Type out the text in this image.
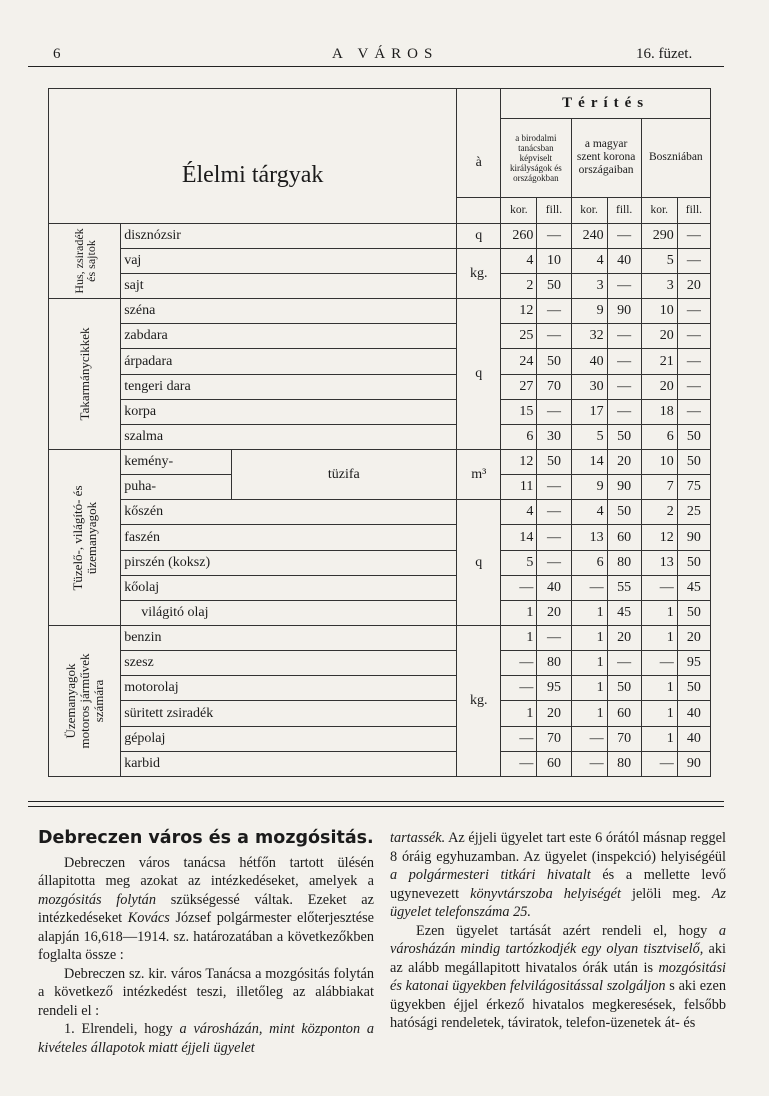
6	A VÁROS	16. füzet.
Élelmi tárgyak			à	Térítés					
				a birodalmi tanácsban képviselt királyságok és országokban		a magyar szent korona országaiban		Boszniában	
				kor.	fill.	kor.	fill.	kor.	fill.

Hus, zsiradék és sajtok	disznózsir		q	260	—	240	—	290	—
	vaj		kg.	4	10	4	40	5	—
	sajt			2	50	3	—	3	20

Takarmánycikkek	széna		q	12	—	9	90	10	—
	zabdara			25	—	32	—	20	—
	árpadara			24	50	40	—	21	—
	tengeri dara			27	70	30	—	20	—
	korpa			15	—	17	—	18	—
	szalma			6	30	5	50	6	50

Tüzelő-, világító- és üzemanyagok	kemény-	tüzifa	m³	12	50	14	20	10	50
	puha-			11	—	9	90	7	75
	kőszén		q	4	—	4	50	2	25
	faszén			14	—	13	60	12	90
	pirszén (koksz)			5	—	6	80	13	50
	kőolaj			—	40	—	55	—	45
	világitó olaj			1	20	1	45	1	50

Üzemanyagok motoros járművek számára	benzin		kg.	1	—	1	20	1	20
	szesz			—	80	1	—	—	95
	motorolaj			—	95	1	50	1	50
	süritett zsiradék			1	20	1	60	1	40
	gépolaj			—	70	—	70	1	40
	karbid			—	60	—	80	—	90

Debreczen város és a mozgósitás.

Debreczen város tanácsa hétfőn tartott ülésén állapitotta meg azokat az intézkedéseket, amelyek a mozgósitás folytán szükségessé váltak. Ezeket az intézkedéseket Kovács József polgármester előterjesztése alapján 16,618—1914. sz. határozatában a következőkben foglalta össze :

Debreczen sz. kir. város Tanácsa a mozgósitás folytán a következő intézkedést teszi, illetőleg az alábbiakat rendeli el :

1. Elrendeli, hogy a városházán, mint központon a kivételes állapotok miatt éjjeli ügyelet

tartassék. Az éjjeli ügyelet tart este 6 órától másnap reggel 8 óráig egyhuzamban. Az ügyelet (inspekció) helyiségéül a polgármesteri titkári hivatalt és a mellette levő ugynevezett könyvtárszoba helyiségét jelöli meg. Az ügyelet telefonszáma 25.

Ezen ügyelet tartását azért rendeli el, hogy a városházán mindig tartózkodjék egy olyan tisztviselő, aki az alább megállapitott hivatalos órák után is mozgósitási és katonai ügyekben felvilágositással szolgáljon s aki ezen ügyekben éjjel érkező hivatalos megkeresések, felsőbb hatósági rendeletek, táviratok, telefon-üzenetek át- és
